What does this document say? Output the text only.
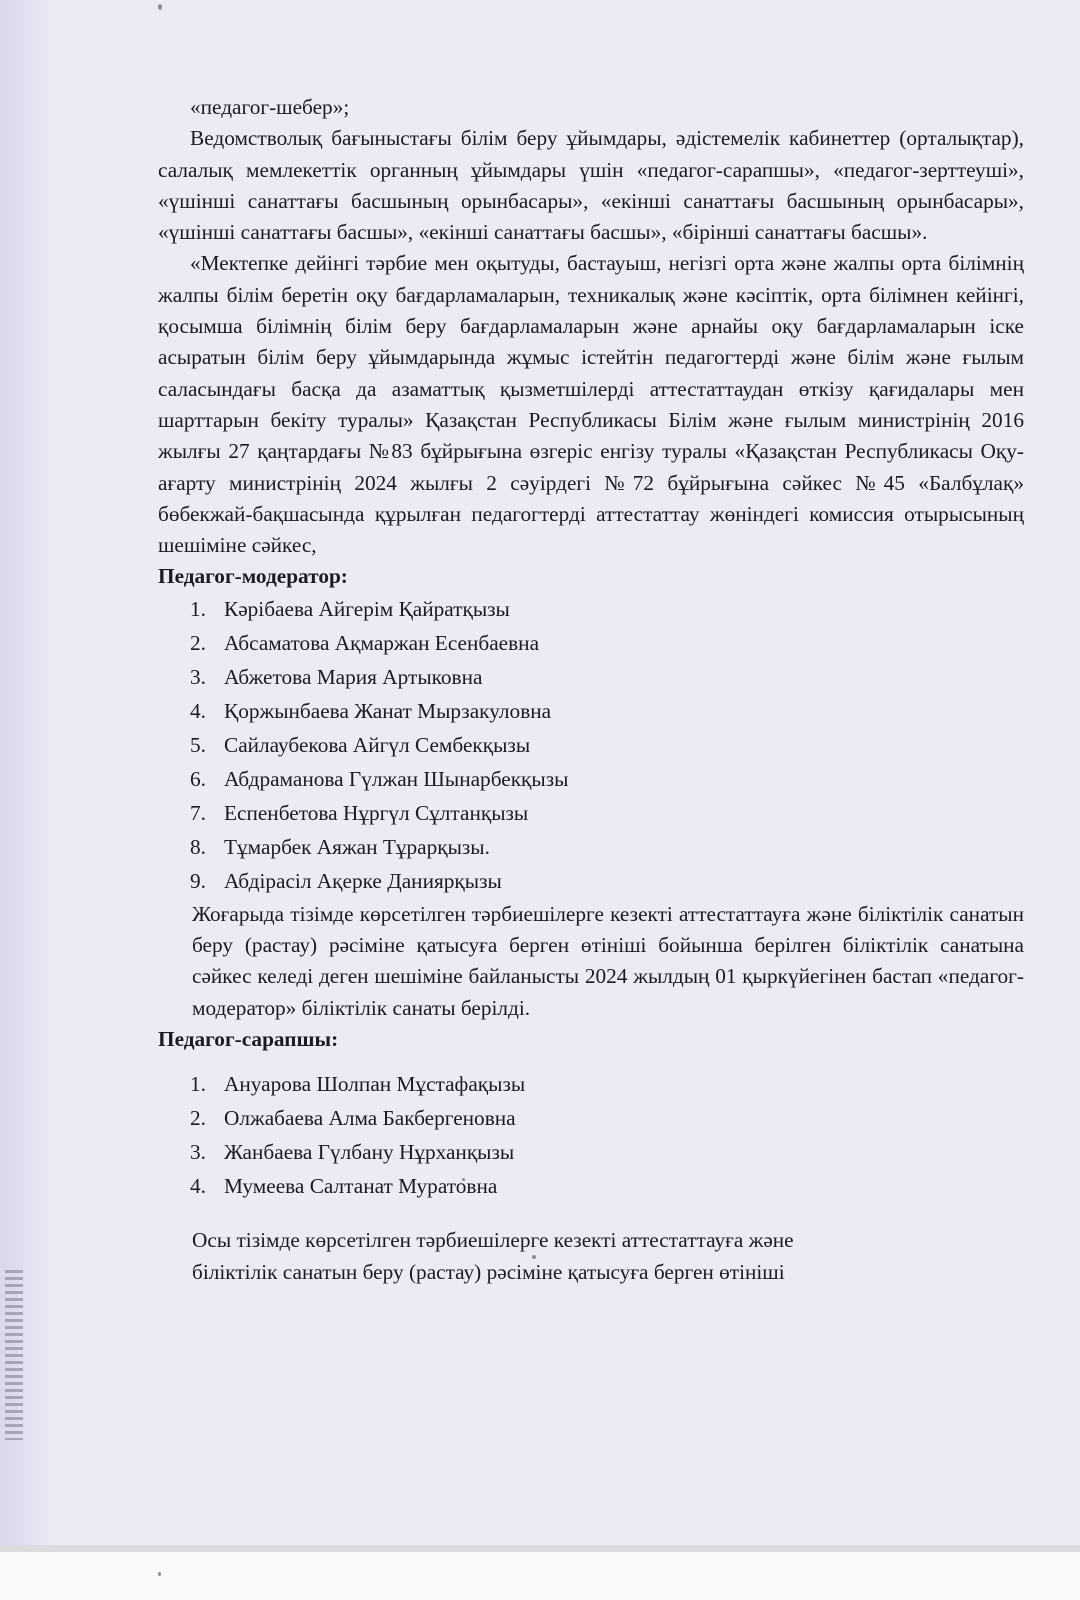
«педагог-шебер»;

Ведомстволық бағыныстағы білім беру ұйымдары, әдістемелік кабинеттер (орталықтар), салалық мемлекеттік органның ұйымдары үшін «педагог-сарапшы», «педагог-зерттеуші», «үшінші санаттағы басшының орынбасары», «екінші санаттағы басшының орынбасары», «үшінші санаттағы басшы», «екінші санаттағы басшы», «бірінші санаттағы басшы».

«Мектепке дейінгі тәрбие мен оқытуды, бастауыш, негізгі орта және жалпы орта білімнің жалпы білім беретін оқу бағдарламаларын, техникалық және кәсіптік, орта білімнен кейінгі, қосымша білімнің білім беру бағдарламаларын және арнайы оқу бағдарламаларын іске асыратын білім беру ұйымдарында жұмыс істейтін педагогтерді және білім және ғылым саласындағы басқа да азаматтық қызметшілерді аттестаттаудан өткізу қағидалары мен шарттарын бекіту туралы» Қазақстан Республикасы Білім және ғылым министрінің 2016 жылғы 27 қаңтардағы №83 бұйрығына өзгеріс енгізу туралы «Қазақстан Республикасы Оқу-ағарту министрінің 2024 жылғы 2 сәуірдегі №72 бұйрығына сәйкес №45 «Балбұлақ» бөбекжай-бақшасында құрылған педагогтерді аттестаттау жөніндегі комиссия отырысының шешіміне сәйкес,

Педагог-модератор:

1. Кәрібаева Айгерім Қайратқызы
2. Абсаматова Ақмаржан Есенбаевна
3. Абжетова Мария Артыковна
4. Қоржынбаева Жанат Мырзакуловна
5. Сайлаубекова Айгүл Сембекқызы
6. Абдраманова Гүлжан Шынарбекқызы
7. Еспенбетова Нұргүл Сұлтанқызы
8. Тұмарбек Аяжан Тұрарқызы.
9. Абдірасіл Ақерке Даниярқызы

Жоғарыда тізімде көрсетілген тәрбиешілерге кезекті аттестаттауға және біліктілік санатын беру (растау) рәсіміне қатысуға берген өтініші бойынша берілген біліктілік санатына сәйкес келеді деген шешіміне байланысты 2024 жылдың 01 қыркүйегінен бастап «педагог-модератор» біліктілік санаты берілді.

Педагог-сарапшы:

1. Ануарова Шолпан Мұстафақызы
2. Олжабаева Алма Бакбергеновна
3. Жанбаева Гүлбану Нұрханқызы
4. Мумеева Салтанат Муратовна

Осы тізімде көрсетілген тәрбиешілерге кезекті аттестаттауға және

біліктілік санатын беру (растау) рәсіміне қатысуға берген өтініші
